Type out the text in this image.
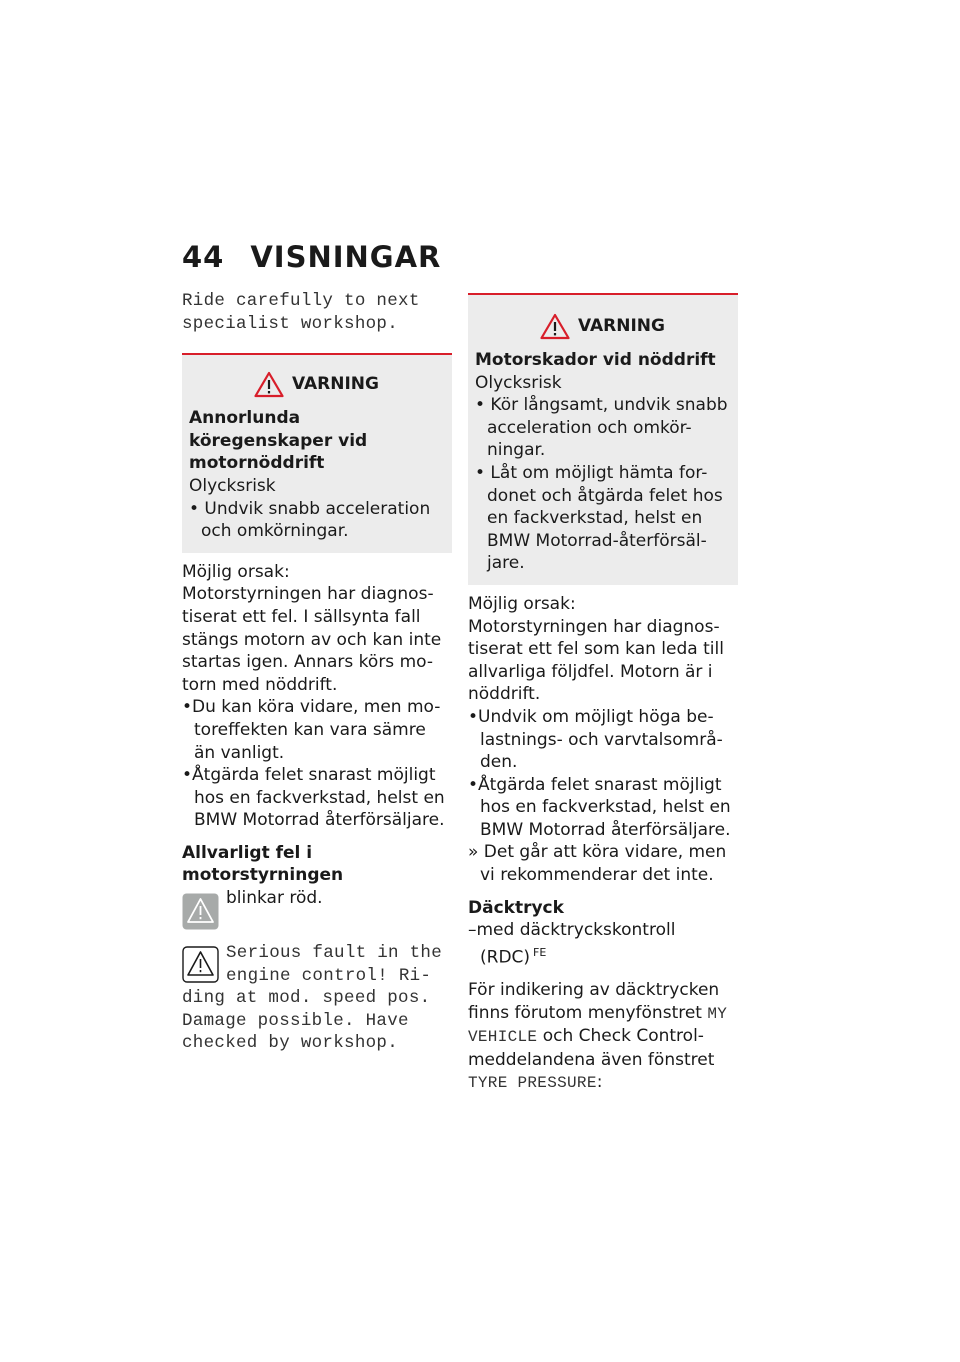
44 VISNINGAR

Ride carefully to next specialist workshop.

VARNING

Annorlunda köregenskaper vid motornöddrift

Olycksrisk

• Undvik snabb acceleration och omkörningar.

Möjlig orsak:

Motorstyrningen har diagnos- tiserat ett fel. I sällsynta fall stängs motorn av och kan inte startas igen. Annars körs mo- torn med nöddrift.

•Du kan köra vidare, men mo- toreffekten kan vara sämre än vanligt.

•Åtgärda felet snarast möjligt hos en fackverkstad, helst en BMW Motorrad återförsäljare.

Allvarligt fel i motorstyrningen

blinkar röd.

Serious fault in the engine control! Ri-

ding at mod. speed pos. Damage possible. Have checked by workshop.

VARNING

Motorskador vid nöddrift

Olycksrisk

• Kör långsamt, undvik snabb acceleration och omkör- ningar.

• Låt om möjligt hämta for- donet och åtgärda felet hos en fackverkstad, helst en BMW Motorrad-återförsäl- jare.

Möjlig orsak:

Motorstyrningen har diagnos- tiserat ett fel som kan leda till allvarliga följdfel. Motorn är i nöddrift.

•Undvik om möjligt höga be- lastnings- och varvtalsområ- den.

•Åtgärda felet snarast möjligt hos en fackverkstad, helst en BMW Motorrad återförsäljare.

» Det går att köra vidare, men vi rekommenderar det inte.

Däcktryck

–med däcktryckskontroll (RDC) $^{FE}$

För indikering av däcktrycken finns förutom menyfönstret MY VEHICLE och Check Control- meddelandena även fönstret TYRE PRESSURE:
